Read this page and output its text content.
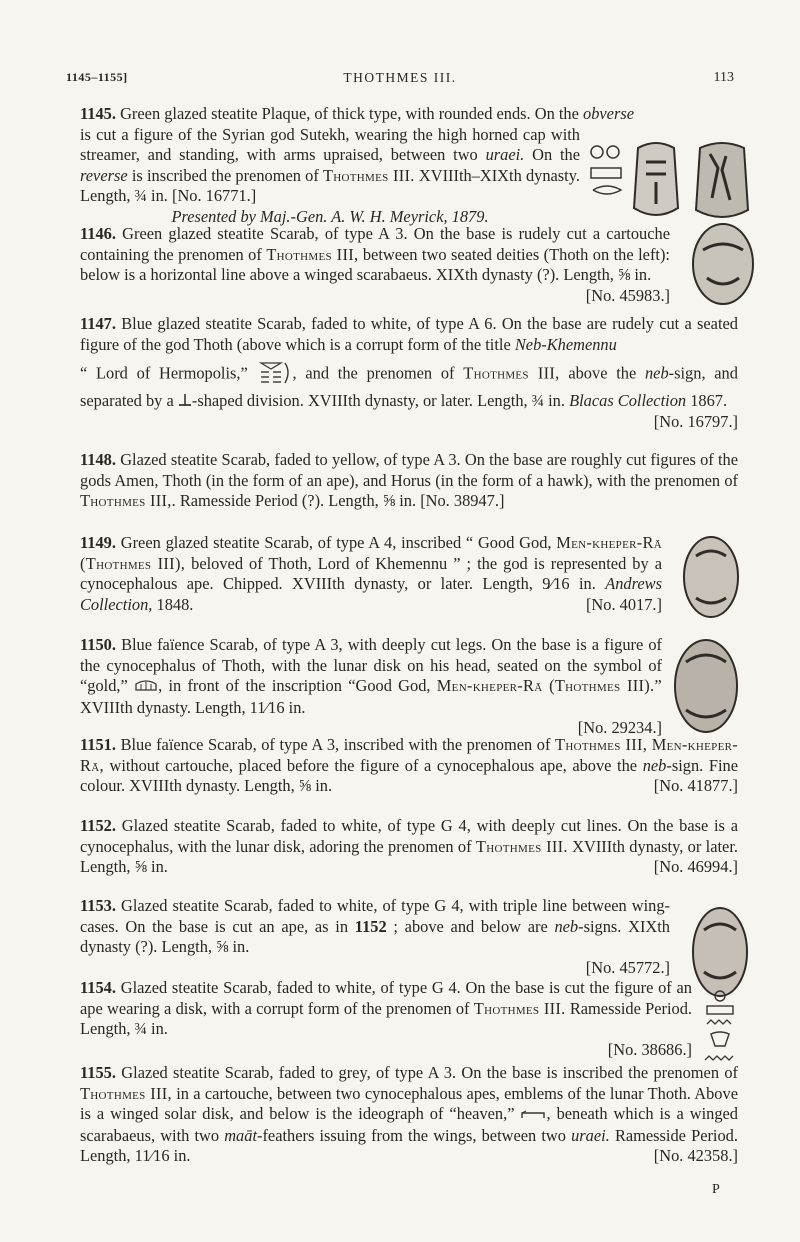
1145–1155]	THOTHMES III.	113
1145. Green glazed steatite Plaque, of thick type, with rounded ends. On the obverse
is cut a figure of the Syrian god Sutekh, wearing the high horned cap with streamer, and standing, with arms upraised, between two uraei. On the reverse is inscribed the prenomen of Thothmes III. XVIIIth–XIXth dynasty. Length, ¾ in. [No. 16771.]
Presented by Maj.-Gen. A. W. H. Meyrick, 1879.
1146. Green glazed steatite Scarab, of type A 3. On the base is rudely cut a cartouche containing the prenomen of Thothmes III, between two seated deities (Thoth on the left): below is a horizontal line above a winged scarabaeus. XIXth dynasty (?). Length, ⅝ in.
[No. 45983.]
1147. Blue glazed steatite Scarab, faded to white, of type A 6. On the base are rudely cut a seated figure of the god Thoth (above which is a corrupt form of the title Neb-Khemennu
“ Lord of Hermopolis,”	, and the prenomen of Thothmes III, above the neb-sign, and separated by a -shaped division. XVIIIth dynasty, or later. Length, ¾ in. Blacas Collection 1867.
[No. 16797.]
1148. Glazed steatite Scarab, faded to yellow, of type A 3. On the base are roughly cut figures of the gods Amen, Thoth (in the form of an ape), and Horus (in the form of a hawk), with the prenomen of Thothmes III,. Ramesside Period (?). Length, ⅝ in. [No. 38947.]
1149. Green glazed steatite Scarab, of type A 4, inscribed “ Good God, Men-kheper-Rā (Thothmes III), beloved of Thoth, Lord of Khemennu ” ; the god is represented by a cynocephalous ape. Chipped. XVIIIth dynasty, or later. Length, 9⁄16 in. Andrews Collection, 1848.	[No. 4017.]
1150. Blue faïence Scarab, of type A 3, with deeply cut legs. On the base is a figure of the cynocephalus of Thoth, with the lunar disk on his head, seated on the symbol of “gold,” , in front of the inscription “Good God, Men-kheper-Rā (Thothmes III).” XVIIIth dynasty. Length, 11⁄16 in.
[No. 29234.]
1151. Blue faïence Scarab, of type A 3, inscribed with the prenomen of Thothmes III, Men-kheper-Rā, without cartouche, placed before the figure of a cynocephalous ape, above the neb-sign. Fine colour. XVIIIth dynasty. Length, ⅝ in.	[No. 41877.]
1152. Glazed steatite Scarab, faded to white, of type G 4, with deeply cut lines. On the base is a cynocephalus, with the lunar disk, adoring the prenomen of Thothmes III. XVIIIth dynasty, or later. Length, ⅝ in.	[No. 46994.]
1153. Glazed steatite Scarab, faded to white, of type G 4, with triple line between wing-cases. On the base is cut an ape, as in 1152 ; above and below are neb-signs. XIXth dynasty (?). Length, ⅝ in.
[No. 45772.]
1154. Glazed steatite Scarab, faded to white, of type G 4. On the base is cut the figure of an ape wearing a disk, with a corrupt form of the prenomen of Thothmes III. Ramesside Period. Length, ¾ in.
[No. 38686.]
1155. Glazed steatite Scarab, faded to grey, of type A 3. On the base is inscribed the prenomen of Thothmes III, in a cartouche, between two cynocephalous apes, emblems of the lunar Thoth. Above is a winged solar disk, and below is the ideograph of “heaven,” , beneath which is a winged scarabaeus, with two maāt-feathers issuing from the wings, between two uraei. Ramesside Period. Length, 11⁄16 in.	[No. 42358.]
P
